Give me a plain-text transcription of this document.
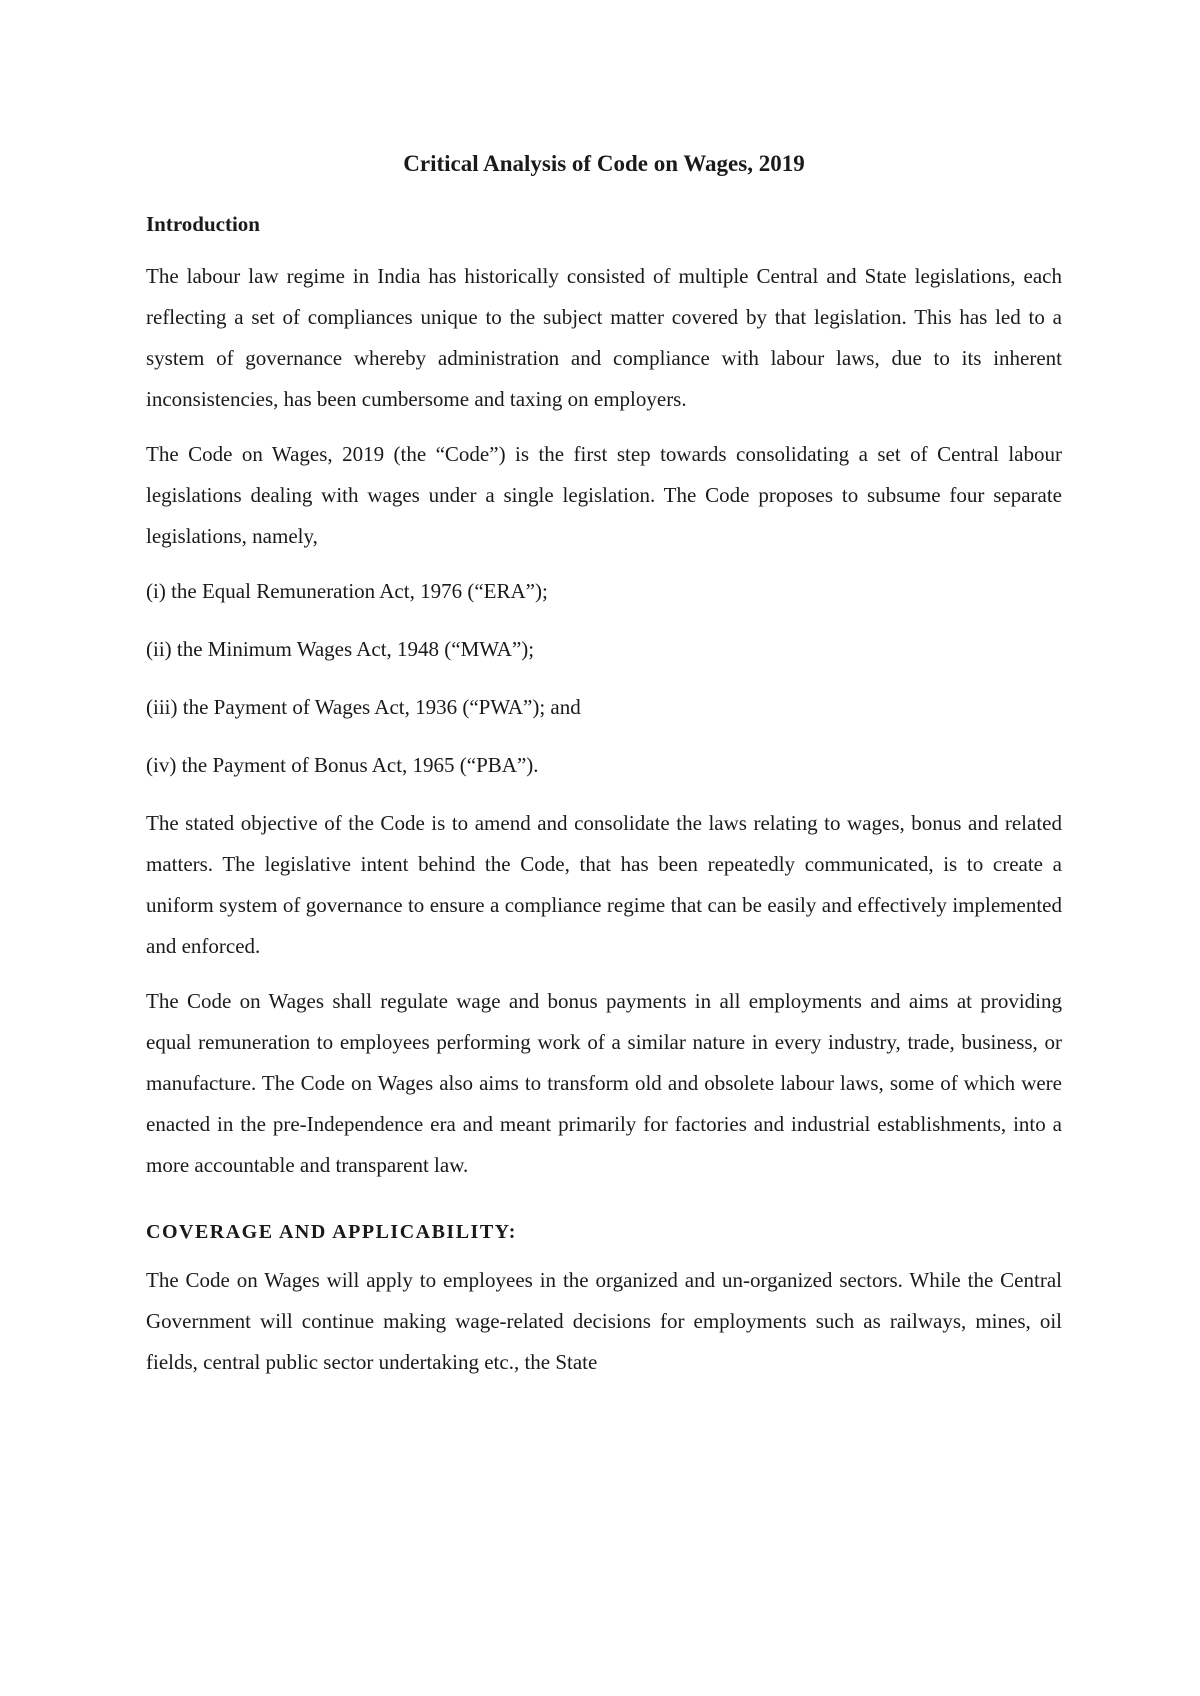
Critical Analysis of Code on Wages, 2019
Introduction

The labour law regime in India has historically consisted of multiple Central and State legislations, each reflecting a set of compliances unique to the subject matter covered by that legislation. This has led to a system of governance whereby administration and compliance with labour laws, due to its inherent inconsistencies, has been cumbersome and taxing on employers.

The Code on Wages, 2019 (the “Code”) is the first step towards consolidating a set of Central labour legislations dealing with wages under a single legislation. The Code proposes to subsume four separate legislations, namely,

(i) the Equal Remuneration Act, 1976 (“ERA”);

(ii) the Minimum Wages Act, 1948 (“MWA”);

(iii) the Payment of Wages Act, 1936 (“PWA”); and

(iv) the Payment of Bonus Act, 1965 (“PBA”).

The stated objective of the Code is to amend and consolidate the laws relating to wages, bonus and related matters. The legislative intent behind the Code, that has been repeatedly communicated, is to create a uniform system of governance to ensure a compliance regime that can be easily and effectively implemented and enforced.

The Code on Wages shall regulate wage and bonus payments in all employments and aims at providing equal remuneration to employees performing work of a similar nature in every industry, trade, business, or manufacture. The Code on Wages also aims to transform old and obsolete labour laws, some of which were enacted in the pre-Independence era and meant primarily for factories and industrial establishments, into a more accountable and transparent law.

COVERAGE AND APPLICABILITY:

The Code on Wages will apply to employees in the organized and un-organized sectors. While the Central Government will continue making wage-related decisions for employments such as railways, mines, oil fields, central public sector undertaking etc., the State
